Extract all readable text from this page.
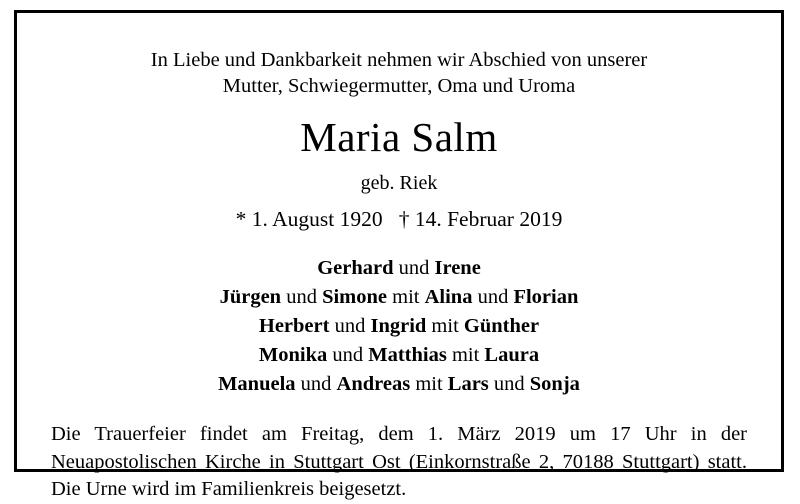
In Liebe und Dankbarkeit nehmen wir Abschied von unserer
Mutter, Schwiegermutter, Oma und Uroma
Maria Salm
geb. Riek
* 1. August 1920   † 14. Februar 2019
Gerhard und Irene
Jürgen und Simone mit Alina und Florian
Herbert und Ingrid mit Günther
Monika und Matthias mit Laura
Manuela und Andreas mit Lars und Sonja
Die Trauerfeier findet am Freitag, dem 1. März 2019 um 17 Uhr in der Neuapostolischen Kirche in Stuttgart Ost (Einkornstraße 2, 70188 Stuttgart) statt. Die Urne wird im Familienkreis beigesetzt.
